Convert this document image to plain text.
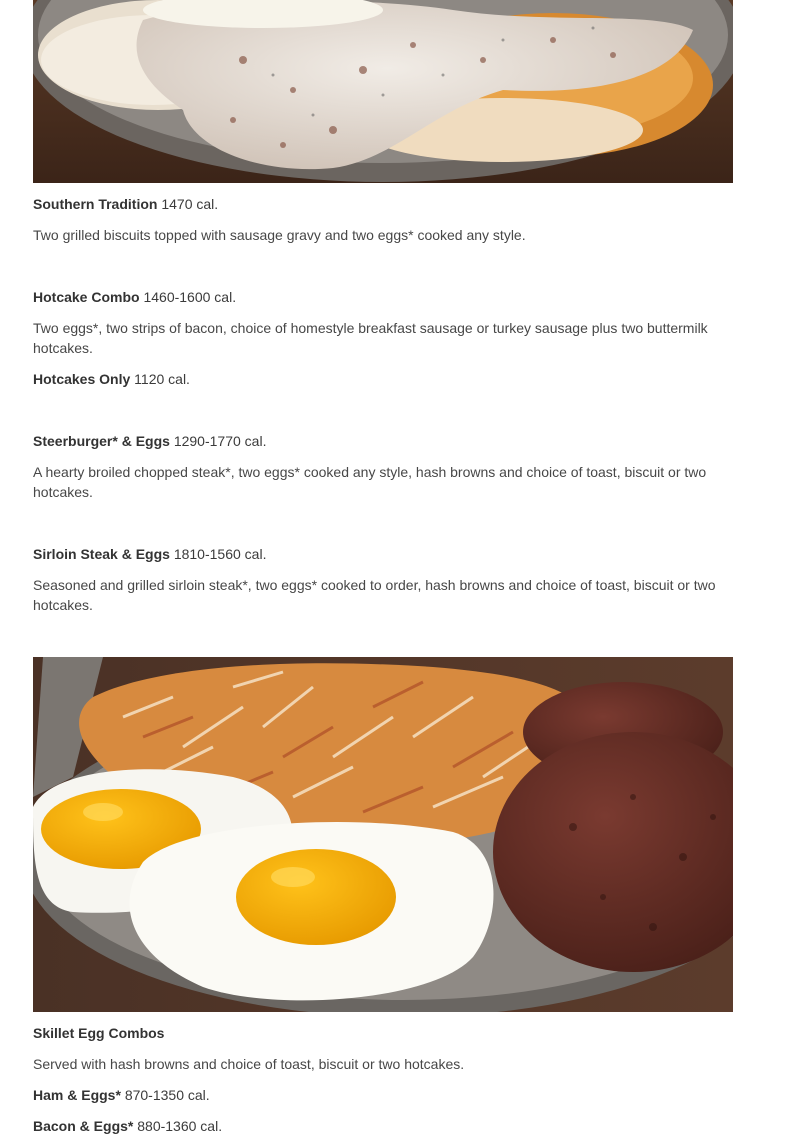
Southern Tradition 1470 cal.

Two grilled biscuits topped with sausage gravy and two eggs* cooked any style.

Hotcake Combo 1460-1600 cal.

Two eggs*, two strips of bacon, choice of homestyle breakfast sausage or turkey sausage plus two buttermilk hotcakes.

Hotcakes Only 1120 cal.

Steerburger* & Eggs 1290-1770 cal.

A hearty broiled chopped steak*, two eggs* cooked any style, hash browns and choice of toast, biscuit or two hotcakes.

Sirloin Steak & Eggs 1810-1560 cal.

Seasoned and grilled sirloin steak*, two eggs* cooked to order, hash browns and choice of toast, biscuit or two hotcakes.

Skillet Egg Combos

Served with hash browns and choice of toast, biscuit or two hotcakes.

Ham & Eggs* 870-1350 cal.

Bacon & Eggs* 880-1360 cal.
